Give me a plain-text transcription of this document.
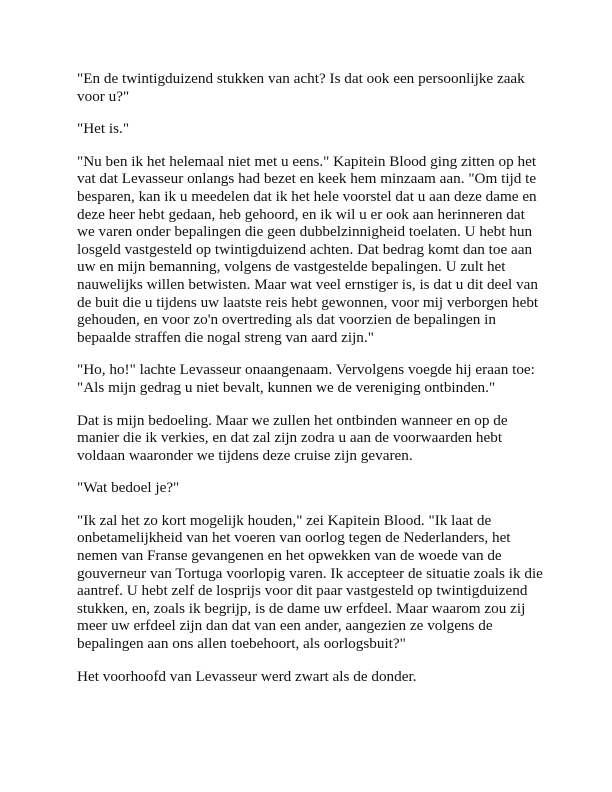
"En de twintigduizend stukken van acht? Is dat ook een persoonlijke zaak voor u?"

"Het is."

"Nu ben ik het helemaal niet met u eens." Kapitein Blood ging zitten op het vat dat Levasseur onlangs had bezet en keek hem minzaam aan. "Om tijd te besparen, kan ik u meedelen dat ik het hele voorstel dat u aan deze dame en deze heer hebt gedaan, heb gehoord, en ik wil u er ook aan herinneren dat we varen onder bepalingen die geen dubbelzinnigheid toelaten. U hebt hun losgeld vastgesteld op twintigduizend achten. Dat bedrag komt dan toe aan uw en mijn bemanning, volgens de vastgestelde bepalingen. U zult het nauwelijks willen betwisten. Maar wat veel ernstiger is, is dat u dit deel van de buit die u tijdens uw laatste reis hebt gewonnen, voor mij verborgen hebt gehouden, en voor zo'n overtreding als dat voorzien de bepalingen in bepaalde straffen die nogal streng van aard zijn."

"Ho, ho!" lachte Levasseur onaangenaam. Vervolgens voegde hij eraan toe: "Als mijn gedrag u niet bevalt, kunnen we de vereniging ontbinden."

Dat is mijn bedoeling. Maar we zullen het ontbinden wanneer en op de manier die ik verkies, en dat zal zijn zodra u aan de voorwaarden hebt voldaan waaronder we tijdens deze cruise zijn gevaren.

"Wat bedoel je?"

"Ik zal het zo kort mogelijk houden," zei Kapitein Blood. "Ik laat de onbetamelijkheid van het voeren van oorlog tegen de Nederlanders, het nemen van Franse gevangenen en het opwekken van de woede van de gouverneur van Tortuga voorlopig varen. Ik accepteer de situatie zoals ik die aantref. U hebt zelf de losprijs voor dit paar vastgesteld op twintigduizend stukken, en, zoals ik begrijp, is de dame uw erfdeel. Maar waarom zou zij meer uw erfdeel zijn dan dat van een ander, aangezien ze volgens de bepalingen aan ons allen toebehoort, als oorlogsbuit?"

Het voorhoofd van Levasseur werd zwart als de donder.
